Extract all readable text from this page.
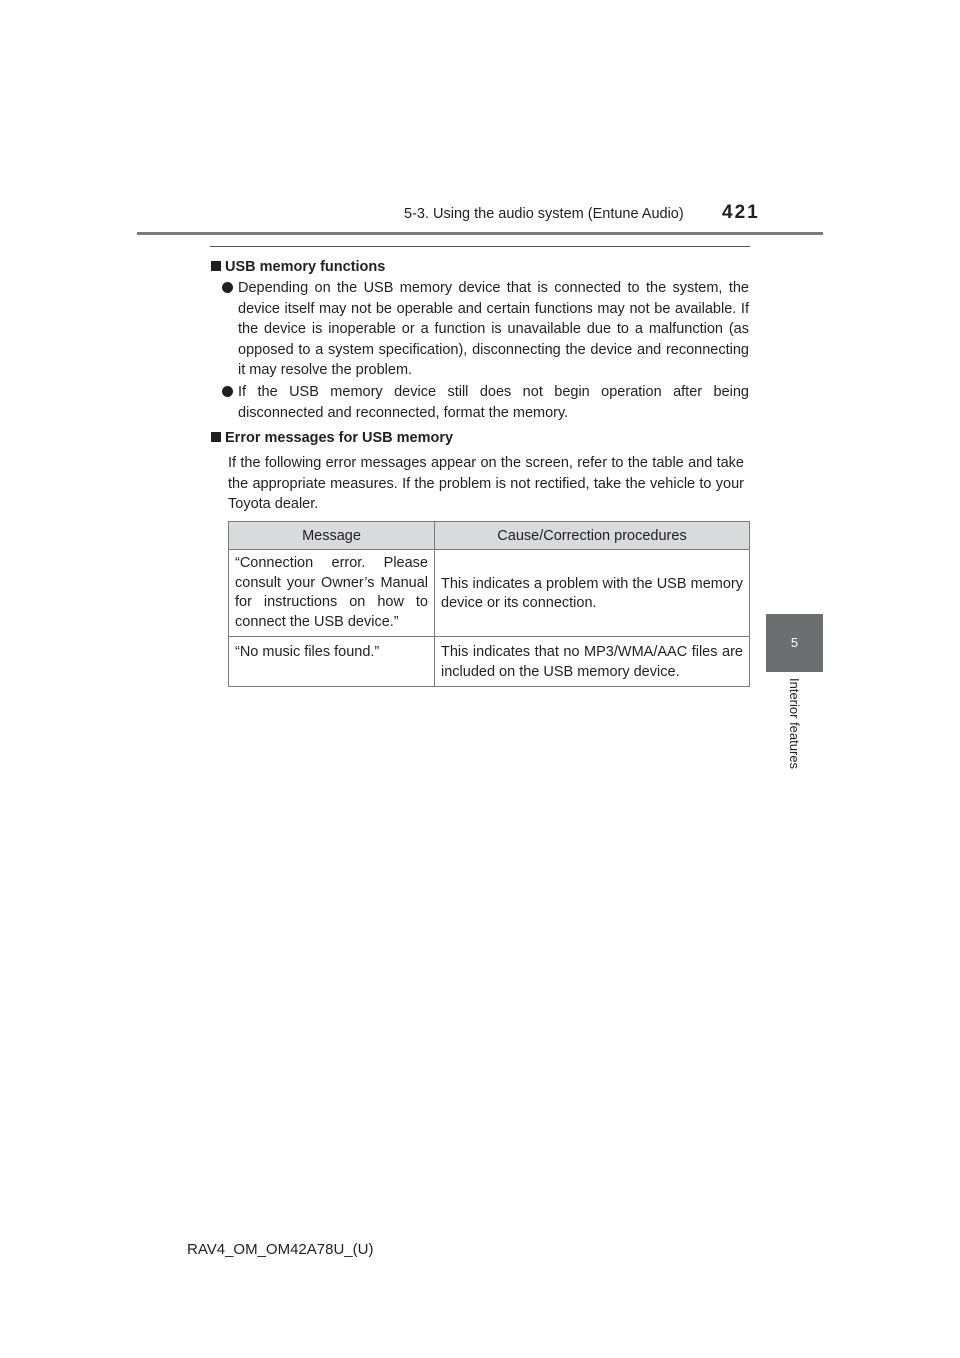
5-3. Using the audio system (Entune Audio) 421
5
Interior features
USB memory functions
Depending on the USB memory device that is connected to the system, the device itself may not be operable and certain functions may not be available. If the device is inoperable or a function is unavailable due to a malfunction (as opposed to a system specification), disconnecting the device and reconnecting it may resolve the problem.
If the USB memory device still does not begin operation after being disconnected and reconnected, format the memory.
Error messages for USB memory
If the following error messages appear on the screen, refer to the table and take the appropriate measures. If the problem is not rectified, take the vehicle to your Toyota dealer.
Message	Cause/Correction procedures
“Connection error. Please consult your Owner’s Manual for instructions on how to connect the USB device.”	This indicates a problem with the USB memory device or its connection.
“No music files found.”	This indicates that no MP3/WMA/AAC files are included on the USB memory device.
RAV4_OM_OM42A78U_(U)
